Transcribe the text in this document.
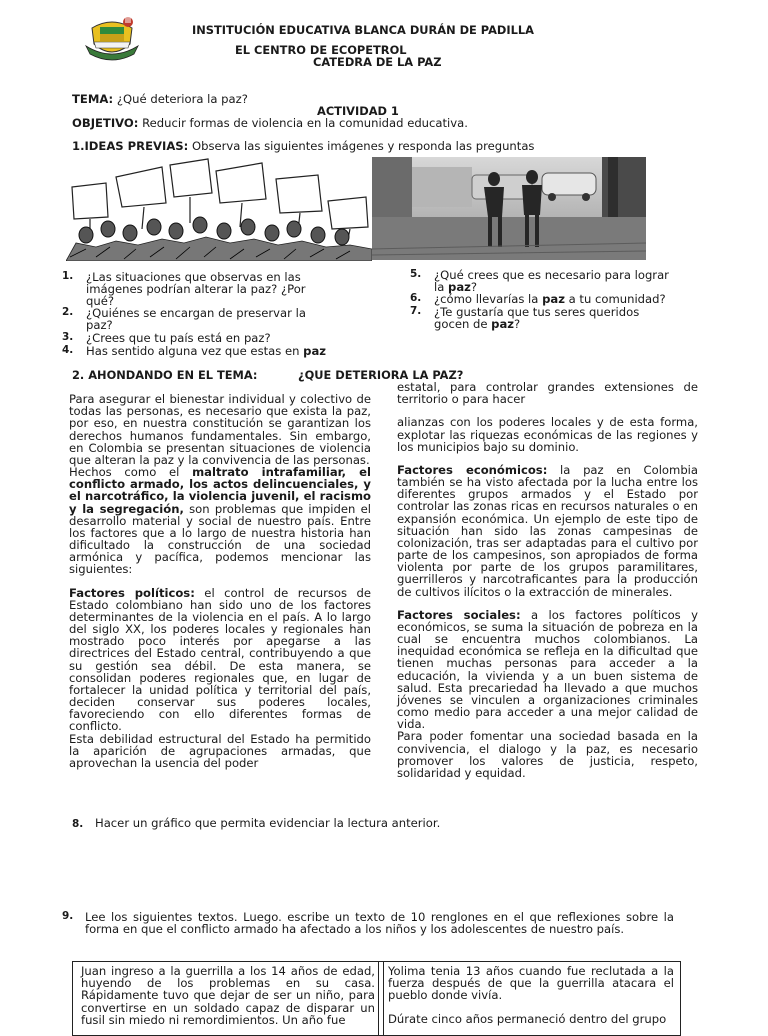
INSTITUCIÓN EDUCATIVA BLANCA DURÁN DE PADILLA
EL CENTRO DE ECOPETROL
CATEDRA DE LA PAZ
TEMA: ¿Qué deteriora la paz?
ACTIVIDAD 1
OBJETIVO: Reducir formas de violencia en la comunidad educativa.
1.IDEAS PREVIAS: Observa las siguientes imágenes y responda las preguntas
1. ¿Las situaciones que observas en las
imágenes podrían alterar la paz? ¿Por
qué?
2. ¿Quiénes se encargan de preservar la
paz?
3. ¿Crees que tu país está en paz?
4. Has sentido alguna vez que estas en paz
5. ¿Qué crees que es necesario para lograr
la paz?
6. ¿cómo llevarías la paz a tu comunidad?
7. ¿Te gustaría que tus seres queridos
gocen de paz?
2. AHONDANDO EN EL TEMA:	¿QUE DETERIORA LA PAZ?
Para asegurar el bienestar individual y colectivo de todas las personas, es necesario que exista la paz, por eso, en nuestra constitución se garantizan los derechos humanos fundamentales. Sin embargo, en Colombia se presentan situaciones de violencia que alteran la paz y la convivencia de las personas.
Hechos como el maltrato intrafamiliar, el conflicto armado, los actos delincuenciales, y el narcotráfico, la violencia juvenil, el racismo y la segregación, son problemas que impiden el desarrollo material y social de nuestro país. Entre los factores que a lo largo de nuestra historia han dificultado la construcción de una sociedad armónica y pacífica, podemos mencionar las siguientes:
Factores políticos: el control de recursos de Estado colombiano han sido uno de los factores determinantes de la violencia en el país. A lo largo del siglo XX, los poderes locales y regionales han mostrado poco interés por apegarse a las directrices del Estado central, contribuyendo a que su gestión sea débil. De esta manera, se consolidan poderes regionales que, en lugar de fortalecer la unidad política y territorial del país, deciden conservar sus poderes locales, favoreciendo con ello diferentes formas de conflicto.
Esta debilidad estructural del Estado ha permitido la aparición de agrupaciones armadas, que aprovechan la usencia del poder
estatal, para controlar grandes extensiones de territorio o para hacer
alianzas con los poderes locales y de esta forma, explotar las riquezas económicas de las regiones y los municipios bajo su dominio.
Factores económicos: la paz en Colombia también se ha visto afectada por la lucha entre los diferentes grupos armados y el Estado por controlar las zonas ricas en recursos naturales o en expansión económica. Un ejemplo de este tipo de situación han sido las zonas campesinas de colonización, tras ser adaptadas para el cultivo por parte de los campesinos, son apropiados de forma violenta por parte de los grupos paramilitares, guerrilleros y narcotraficantes para la producción de cultivos ilícitos o la extracción de minerales.
Factores sociales: a los factores políticos y económicos, se suma la situación de pobreza en la cual se encuentra muchos colombianos. La inequidad económica se refleja en la dificultad que tienen muchas personas para acceder a la educación, la vivienda y a un buen sistema de salud. Esta precariedad ha llevado a que muchos jóvenes se vinculen a organizaciones criminales como medio para acceder a una mejor calidad de vida.
Para poder fomentar una sociedad basada en la convivencia, el dialogo y la paz, es necesario promover los valores de justicia, respeto, solidaridad y equidad.
8. Hacer un gráfico que permita evidenciar la lectura anterior.
9. Lee los siguientes textos. Luego. escribe un texto de 10 renglones en el que reflexiones sobre la forma en que el conflicto armado ha afectado a los niños y los adolescentes de nuestro país.

Juan ingreso a la guerrilla a los 14 años de edad, huyendo de los problemas en su casa. Rápidamente tuvo que dejar de ser un niño, para convertirse en un soldado capaz de disparar un fusil sin miedo ni remordimientos. Un año fue

Yolima tenia 13 años cuando fue reclutada a la fuerza después de que la guerrilla atacara el pueblo donde vivía.

Dúrate cinco años permaneció dentro del grupo
